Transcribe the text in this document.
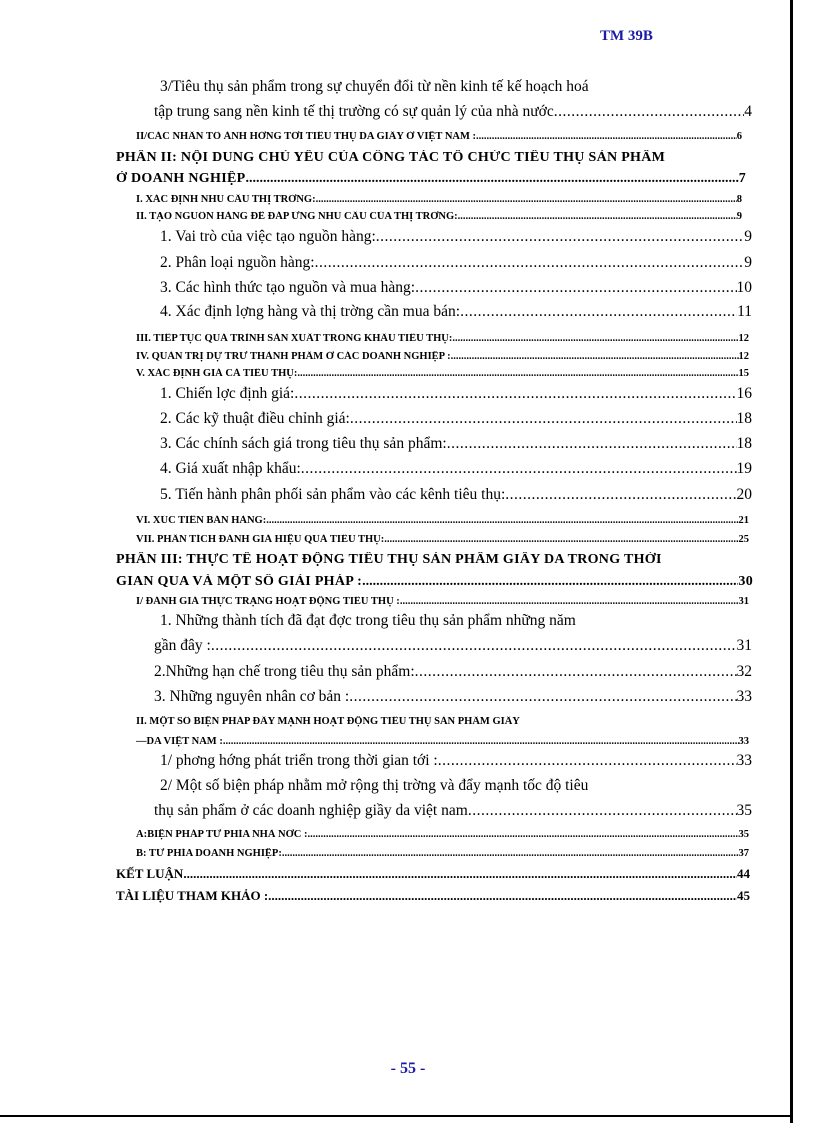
TM 39B
3/Tiêu thụ sản phẩm trong sự chuyển đổi từ nền kinh tế kế hoạch hoá
tập trung sang nền kinh tế thị trường có sự quản lý của nhà nước .....	4
II/CÁC NHÂN TỐ ẢNH HỞNG TỚI TIÊU THỤ DA GIẦY Ở VIỆT NAM : .....	6
PHẦN II: NỘI DUNG CHỦ YẾU CỦA CÔNG TÁC TỔ CHỨC TIÊU THỤ SẢN PHẨM
Ở DOANH NGHIỆP .....	7
I. XÁC ĐỊNH NHU CẦU THỊ TRỜNG: .....	8
II. TẠO NGUỒN HÀNG ĐỂ ĐÁP ỨNG NHU CẦU CỦA THỊ TRỜNG: .....	9
1. Vai trò của việc tạo nguồn hàng: .....	9
2. Phân loại nguồn hàng: .....	9
3. Các hình thức tạo nguồn và mua hàng: .....	10
4. Xác định lợng hàng và thị trờng cần mua bán: .....	11
III. TIẾP TỤC QUÁ TRÌNH SẢN XUẤT TRONG KHÂU TIÊU THỤ: .....	12
IV. QUẢN TRỊ DỰ TRỮ THÀNH PHẨM Ở CÁC DOANH NGHIỆP : .....	12
V. XÁC ĐỊNH GIÁ CẢ TIÊU THỤ: .....	15
1. Chiến lợc định giá: .....	16
2. Các kỹ thuật điều chỉnh giá: .....	18
3. Các chính sách giá trong tiêu thụ sản phẩm: .....	18
4. Giá xuất nhập khẩu: .....	19
5. Tiến hành phân phối sản phẩm vào các kênh tiêu thụ: .....	20
VI. XÚC TIẾN BÁN HÀNG: .....	21
VII. PHÂN TÍCH ĐÁNH GIÁ HIỆU QUẢ TIÊU THỤ: .....	25
PHẦN III: THỰC TẾ HOẠT ĐỘNG TIÊU THỤ SẢN PHẨM GIẦY DA TRONG THỜI
GIAN QUA VÀ MỘT SỐ GIẢI PHÁP : .....	30
I/ ĐÁNH GIÁ THỰC TRẠNG HOẠT ĐỘNG TIÊU THỤ : .....	31
1. Những thành tích đã đạt đợc trong tiêu thụ sản phẩm những năm
gần đây : .....	31
2.Những hạn chế trong tiêu thụ sản phẩm: .....	32
3. Những nguyên nhân cơ bản : .....	33
II. MỘT SỐ BIỆN PHÁP ĐẨY MẠNH HOẠT ĐỘNG TIÊU THỤ SẢN PHẨM GIẦY
—DA VIỆT NAM : .....	33
1/ phơng hớng phát triển trong thời gian tới : .....	33
2/ Một số biện pháp nhằm mở rộng thị trờng và đẩy mạnh tốc độ tiêu
thụ sản phẩm ở các doanh nghiệp giầy da việt nam .....	35
A:BIỆN PHÁP TỪ PHÍA NHÀ NỚC : .....	35
B: TỪ PHÍA DOANH NGHIỆP: .....	37
KẾT LUẬN .....	44
TÀI LIỆU THAM KHẢO : .....	45
- 55 -
